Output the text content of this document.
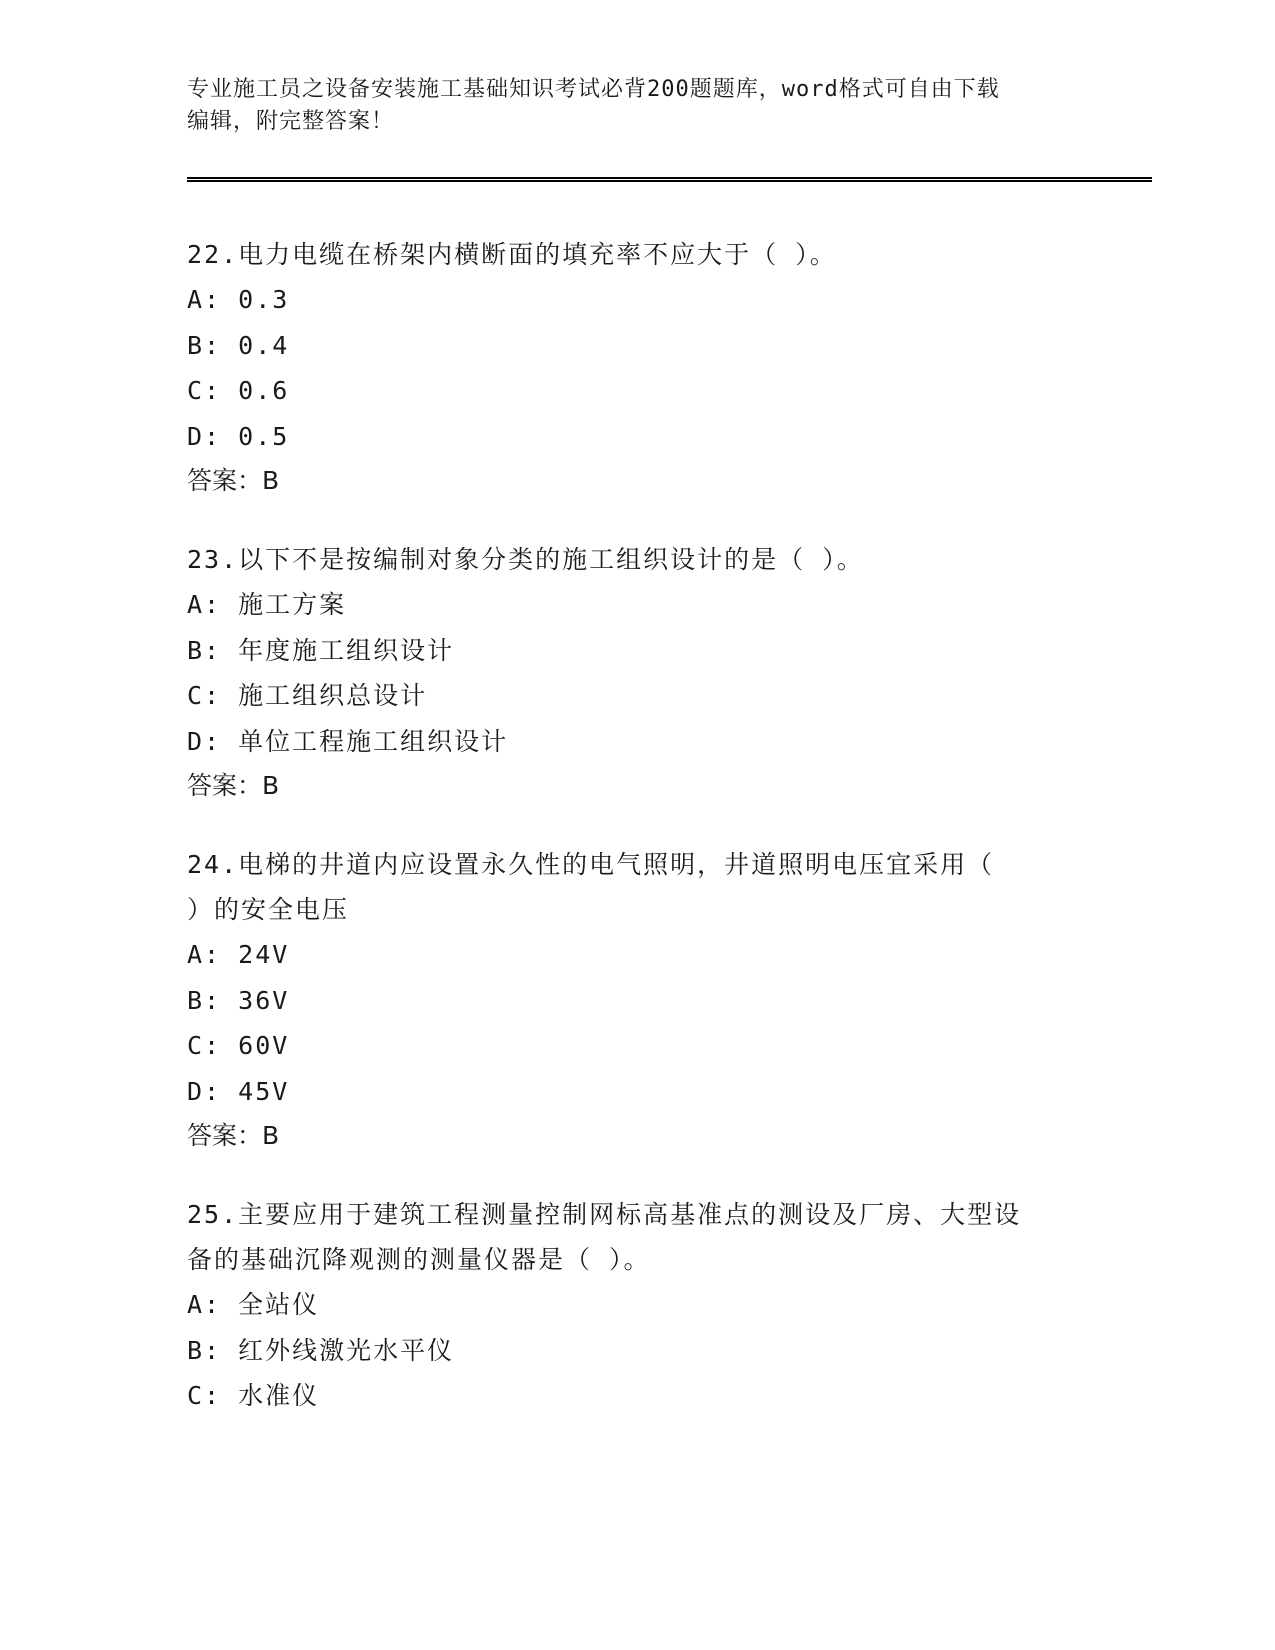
专业施工员之设备安装施工基础知识考试必背200题题库，word格式可自由下载
编辑，附完整答案！

22.电力电缆在桥架内横断面的填充率不应大于（ ）。

A: 0.3

B: 0.4

C: 0.6

D: 0.5

答案：B

23.以下不是按编制对象分类的施工组织设计的是（ ）。

A: 施工方案

B: 年度施工组织设计

C: 施工组织总设计

D: 单位工程施工组织设计

答案：B

24.电梯的井道内应设置永久性的电气照明，井道照明电压宜采用（

）的安全电压

A: 24V

B: 36V

C: 60V

D: 45V

答案：B

25.主要应用于建筑工程测量控制网标高基准点的测设及厂房、大型设

备的基础沉降观测的测量仪器是（ ）。

A: 全站仪

B: 红外线激光水平仪

C: 水准仪
